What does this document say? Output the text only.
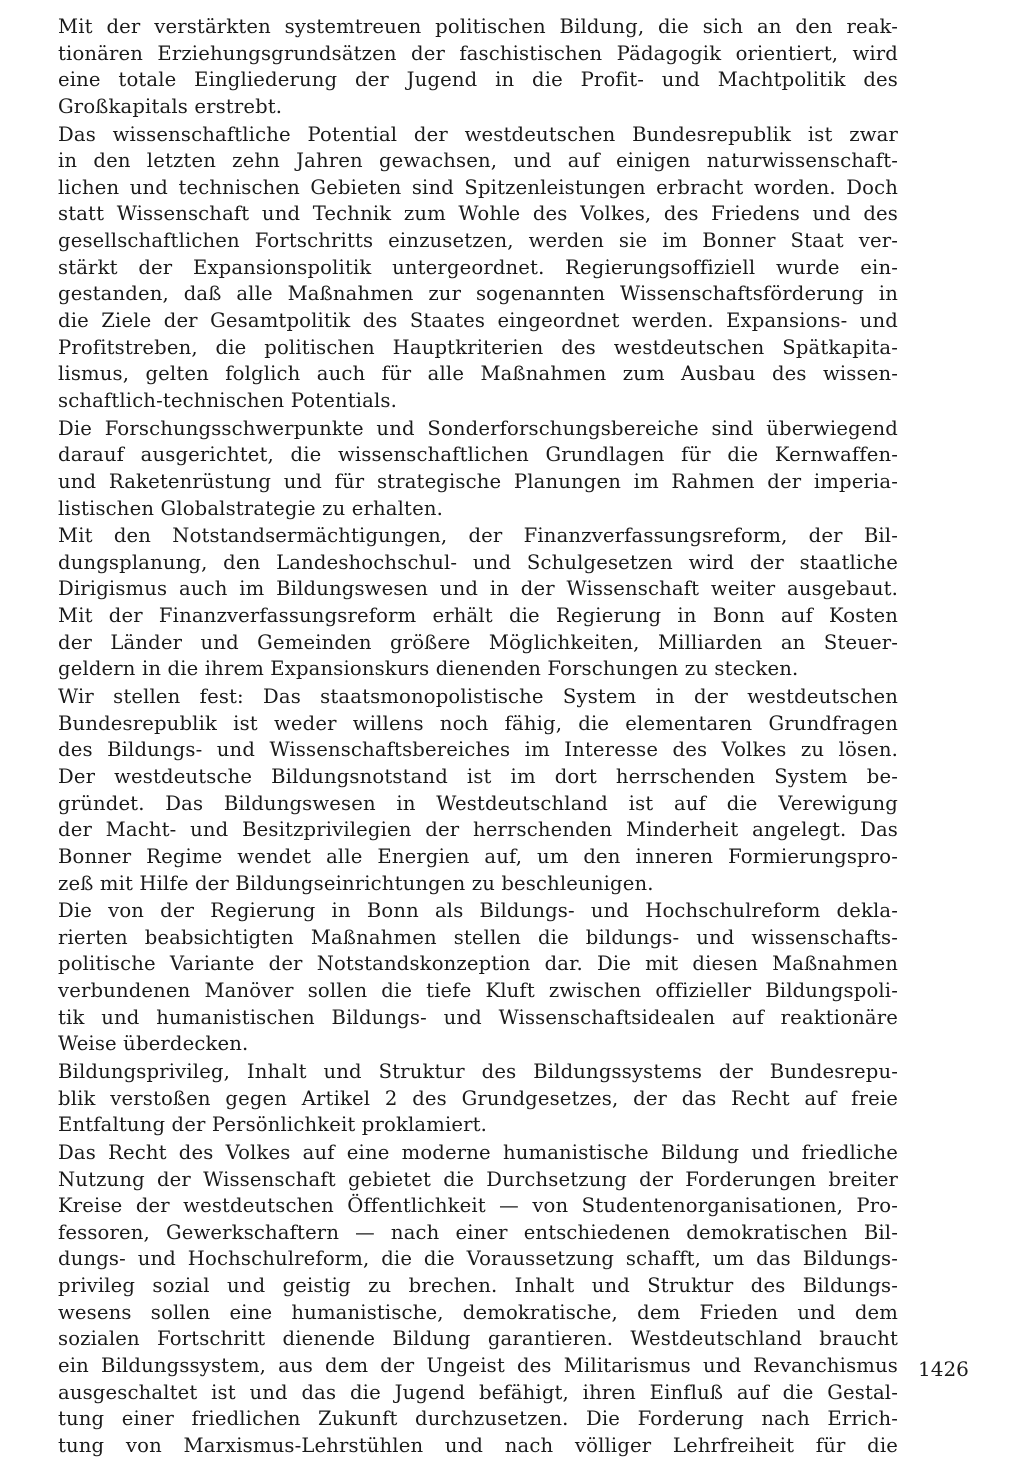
Mit der verstärkten systemtreuen politischen Bildung, die sich an den reak-
tionären Erziehungsgrundsätzen der faschistischen Pädagogik orientiert, wird
eine totale Eingliederung der Jugend in die Profit- und Machtpolitik des
Großkapitals erstrebt.
Das wissenschaftliche Potential der westdeutschen Bundesrepublik ist zwar
in den letzten zehn Jahren gewachsen, und auf einigen naturwissenschaft-
lichen und technischen Gebieten sind Spitzenleistungen erbracht worden. Doch
statt Wissenschaft und Technik zum Wohle des Volkes, des Friedens und des
gesellschaftlichen Fortschritts einzusetzen, werden sie im Bonner Staat ver-
stärkt der Expansionspolitik untergeordnet. Regierungsoffiziell wurde ein-
gestanden, daß alle Maßnahmen zur sogenannten Wissenschaftsförderung in
die Ziele der Gesamtpolitik des Staates eingeordnet werden. Expansions- und
Profitstreben, die politischen Hauptkriterien des westdeutschen Spätkapita-
lismus, gelten folglich auch für alle Maßnahmen zum Ausbau des wissen-
schaftlich-technischen Potentials.
Die Forschungsschwerpunkte und Sonderforschungsbereiche sind überwiegend
darauf ausgerichtet, die wissenschaftlichen Grundlagen für die Kernwaffen-
und Raketenrüstung und für strategische Planungen im Rahmen der imperia-
listischen Globalstrategie zu erhalten.
Mit den Notstandsermächtigungen, der Finanzverfassungsreform, der Bil-
dungsplanung, den Landeshochschul- und Schulgesetzen wird der staatliche
Dirigismus auch im Bildungswesen und in der Wissenschaft weiter ausgebaut.
Mit der Finanzverfassungsreform erhält die Regierung in Bonn auf Kosten
der Länder und Gemeinden größere Möglichkeiten, Milliarden an Steuer-
geldern in die ihrem Expansionskurs dienenden Forschungen zu stecken.
Wir stellen fest: Das staatsmonopolistische System in der westdeutschen
Bundesrepublik ist weder willens noch fähig, die elementaren Grundfragen
des Bildungs- und Wissenschaftsbereiches im Interesse des Volkes zu lösen.
Der westdeutsche Bildungsnotstand ist im dort herrschenden System be-
gründet. Das Bildungswesen in Westdeutschland ist auf die Verewigung
der Macht- und Besitzprivilegien der herrschenden Minderheit angelegt. Das
Bonner Regime wendet alle Energien auf, um den inneren Formierungspro-
zeß mit Hilfe der Bildungseinrichtungen zu beschleunigen.
Die von der Regierung in Bonn als Bildungs- und Hochschulreform dekla-
rierten beabsichtigten Maßnahmen stellen die bildungs- und wissenschafts-
politische Variante der Notstandskonzeption dar. Die mit diesen Maßnahmen
verbundenen Manöver sollen die tiefe Kluft zwischen offizieller Bildungspoli-
tik und humanistischen Bildungs- und Wissenschaftsidealen auf reaktionäre
Weise überdecken.
Bildungsprivileg, Inhalt und Struktur des Bildungssystems der Bundesrepu-
blik verstoßen gegen Artikel 2 des Grundgesetzes, der das Recht auf freie
Entfaltung der Persönlichkeit proklamiert.
Das Recht des Volkes auf eine moderne humanistische Bildung und friedliche
Nutzung der Wissenschaft gebietet die Durchsetzung der Forderungen breiter
Kreise der westdeutschen Öffentlichkeit — von Studentenorganisationen, Pro-
fessoren, Gewerkschaftern — nach einer entschiedenen demokratischen Bil-
dungs- und Hochschulreform, die die Voraussetzung schafft, um das Bildungs-
privileg sozial und geistig zu brechen. Inhalt und Struktur des Bildungs-
wesens sollen eine humanistische, demokratische, dem Frieden und dem
sozialen Fortschritt dienende Bildung garantieren. Westdeutschland braucht
ein Bildungssystem, aus dem der Ungeist des Militarismus und Revanchismus
ausgeschaltet ist und das die Jugend befähigt, ihren Einfluß auf die Gestal-
tung einer friedlichen Zukunft durchzusetzen. Die Forderung nach Errich-
tung von Marxismus-Lehrstühlen und nach völliger Lehrfreiheit für die
1426
